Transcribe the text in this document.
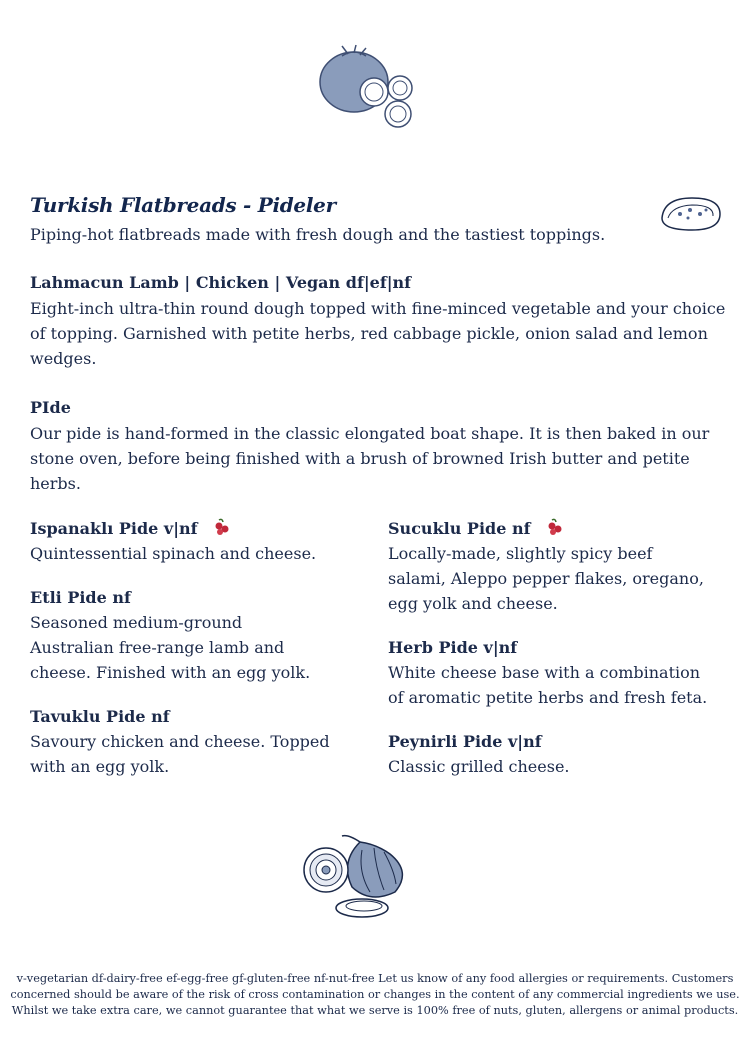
Turkish Flatbreads - Pideler
Piping-hot flatbreads made with fresh dough and the tastiest toppings.
Lahmacun Lamb | Chicken | Vegan df|ef|nf
Eight-inch ultra-thin round dough topped with fine-minced vegetable and your choice of topping. Garnished with petite herbs, red cabbage pickle, onion salad and lemon wedges.
PIde
Our pide is hand-formed in the classic elongated boat shape. It is then baked in our stone oven, before being finished with a brush of browned Irish butter and petite herbs.
Ispanaklı Pide v|nf
Quintessential spinach and cheese.
Etli Pide nf
Seasoned medium-ground Australian free-range lamb and cheese. Finished with an egg yolk.
Tavuklu Pide nf
Savoury chicken and cheese. Topped with an egg yolk.
Sucuklu Pide nf
Locally-made, slightly spicy beef salami, Aleppo pepper flakes, oregano, egg yolk and cheese.
Herb Pide v|nf
White cheese base with a combination of aromatic petite herbs and fresh feta.
Peynirli Pide v|nf
Classic grilled cheese.
v-vegetarian df-dairy-free ef-egg-free gf-gluten-free nf-nut-free Let us know of any food allergies or requirements. Customers
concerned should be aware of the risk of cross contamination or changes in the content of any commercial ingredients we use.
Whilst we take extra care, we cannot guarantee that what we serve is 100% free of nuts, gluten, allergens or animal products.
